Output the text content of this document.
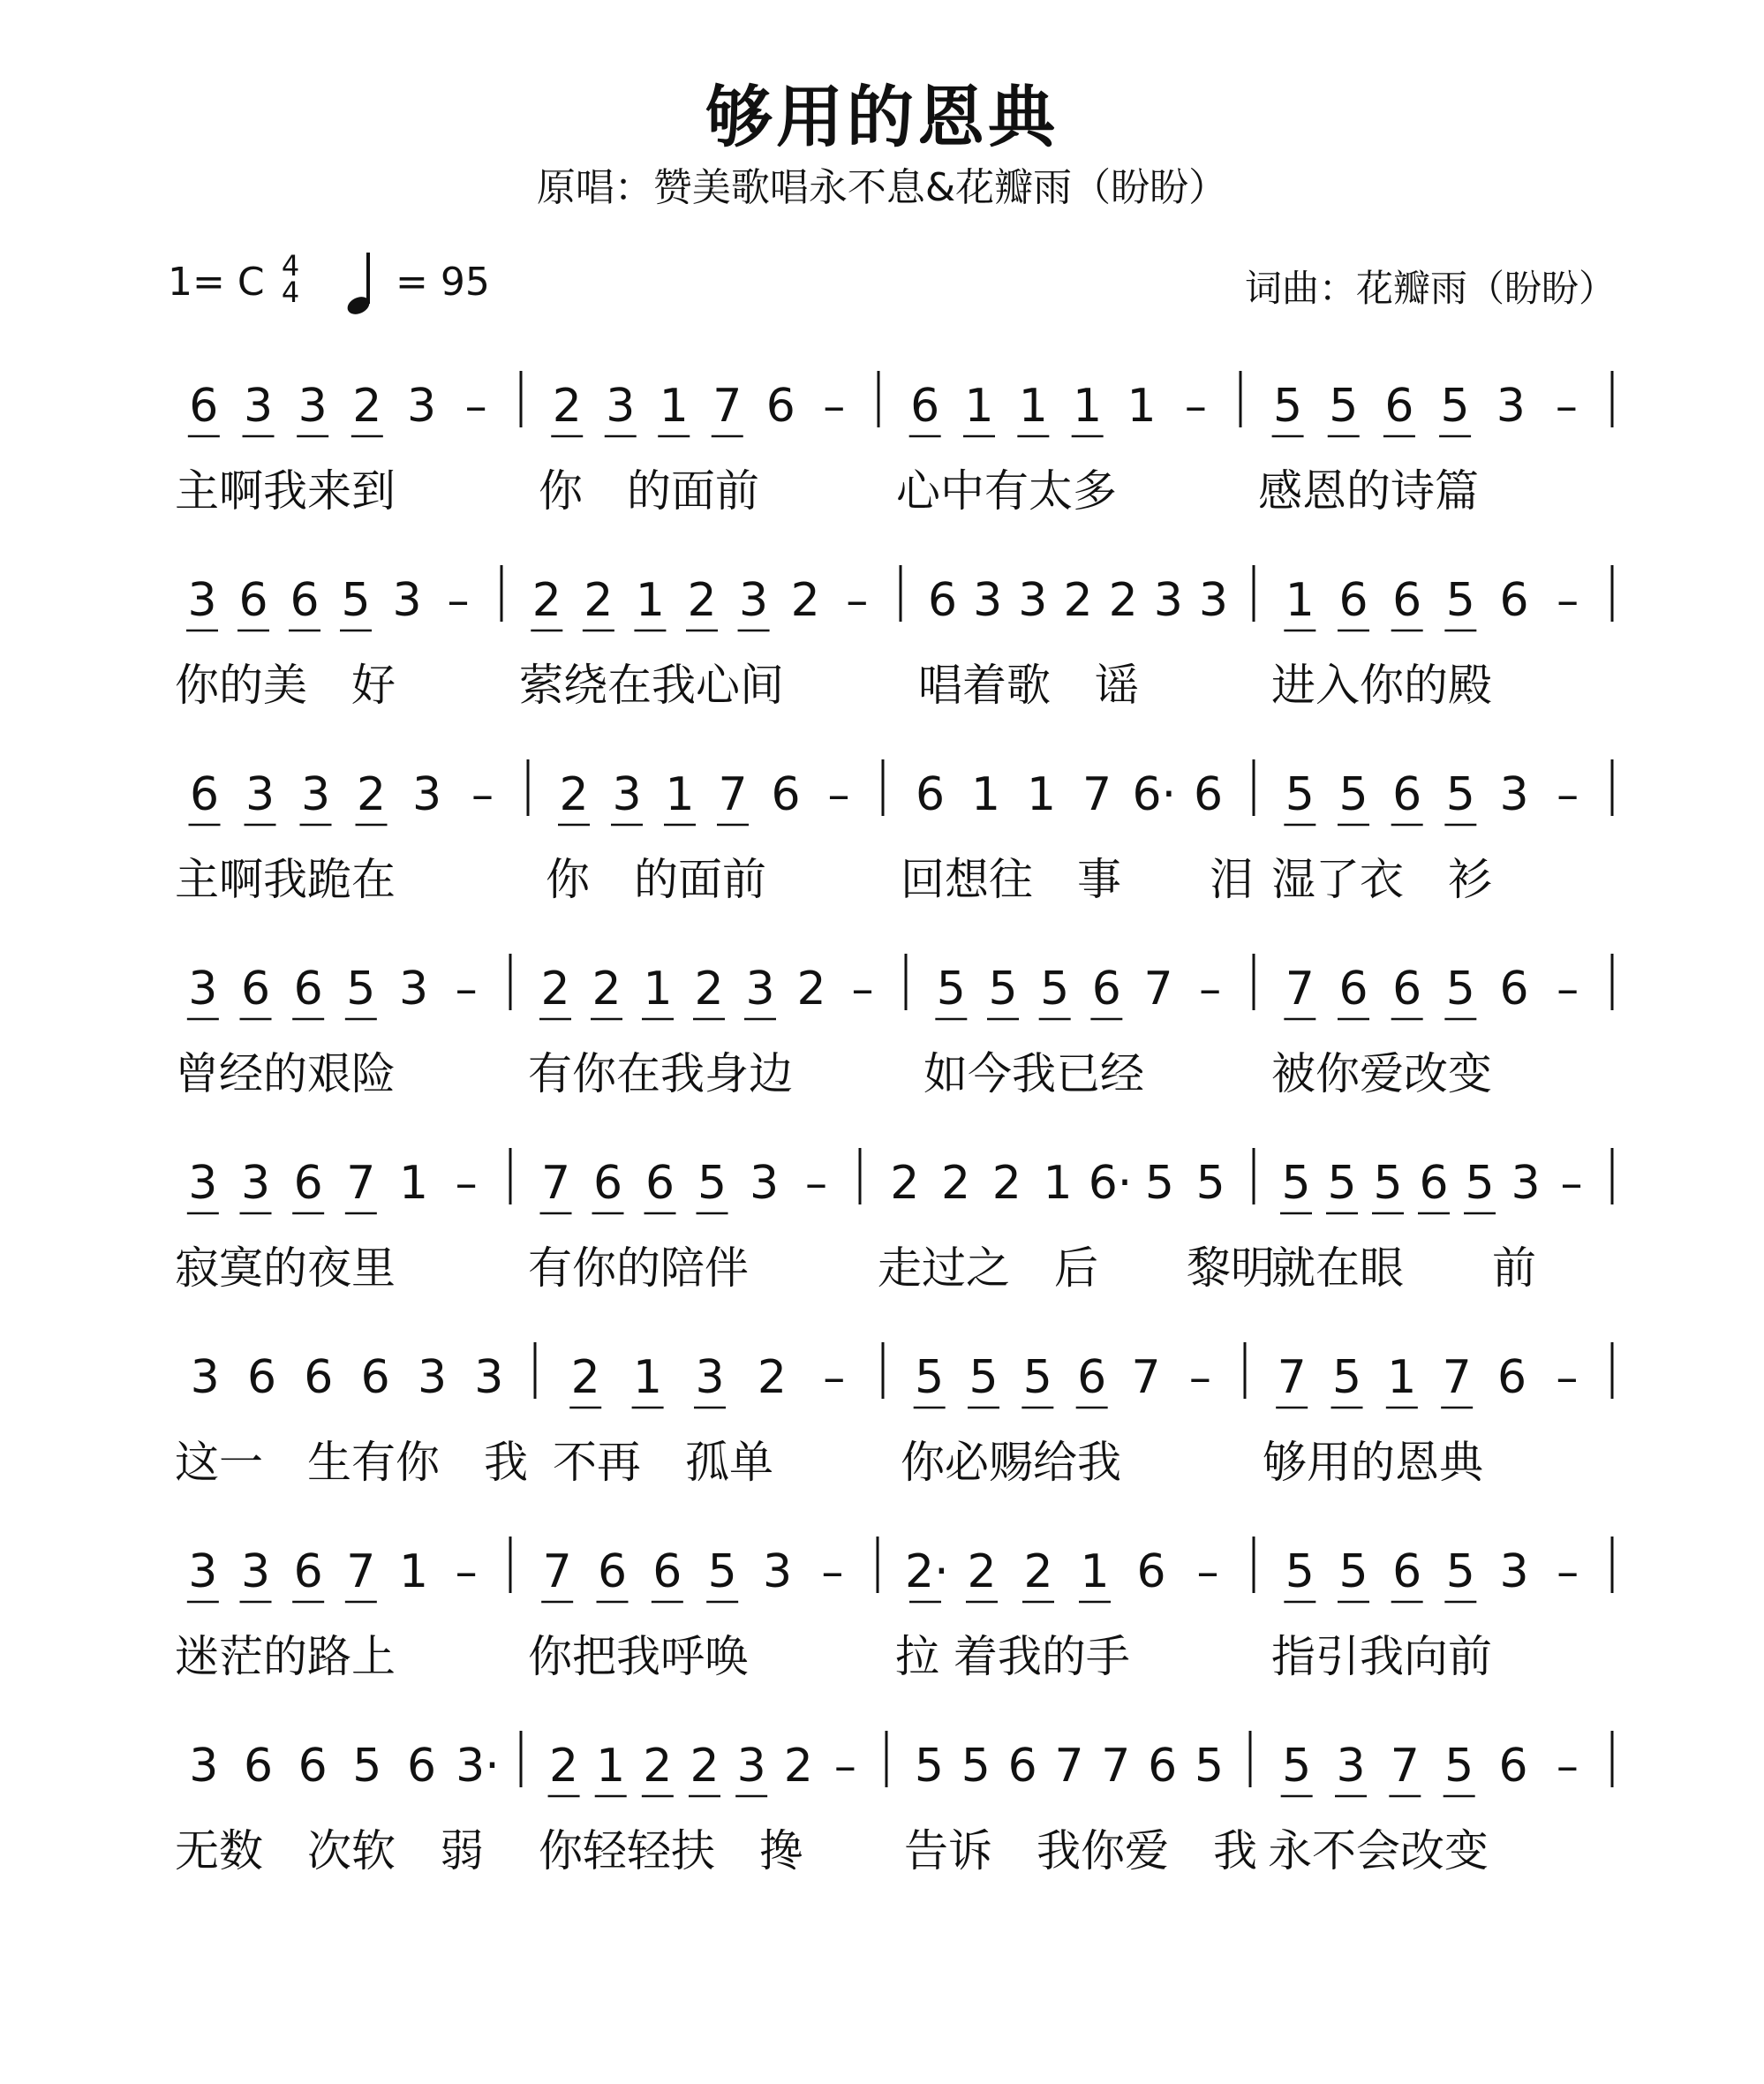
够用的恩典
原唱：赞美歌唱永不息&花瓣雨（盼盼）
1= C 4
4 = 95	词曲：花瓣雨（盼盼）
6 3 3 2 3 –
主啊我来到
2 3 1 7 6 –
你　的面前
6 1 1 1 1 –
心中有太多
5 5 6 5 3 –
感恩的诗篇
3 6 6 5 3 –
你的美　好
2 2 1 2 3 2 –
萦绕在我心间
6 3 3 2 2 3 3
唱着歌　谣
1 6 6 5 6 –
进入你的殿
6 3 3 2 3 –
主啊我跪在
2 3 1 7 6 –
你　的面前
6 1 1 7 6· 6
回想往　事　　泪
5 5 6 5 3 –
湿了衣　衫
3 6 6 5 3 –
曾经的艰险
2 2 1 2 3 2 –
有你在我身边
5 5 5 6 7 –
如今我已经
7 6 6 5 6 –
被你爱改变
3 3 6 7 1 –
寂寞的夜里
7 6 6 5 3 –
有你的陪伴
2 2 2 1 6· 5 5
走过之　后　　黎明
5 5 5 6 5 3 –
就在眼　　前
3 6 6 6 3 3
这一　生有你　我
2 1 3 2 –
不再　孤单
5 5 5 6 7 –
你必赐给我
7 5 1 7 6 –
够用的恩典
3 3 6 7 1 –
迷茫的路上
7 6 6 5 3 –
你把我呼唤
2· 2 2 1 6 –
拉 着我的手
5 5 6 5 3 –
指引我向前
3 6 6 5 6 3·
无数　次软　弱
2 1 2 2 3 2 –
你轻轻扶　搀
5 5 6 7 7 6 5
告诉　我你爱　我
5 3 7 5 6 –
永不会改变
